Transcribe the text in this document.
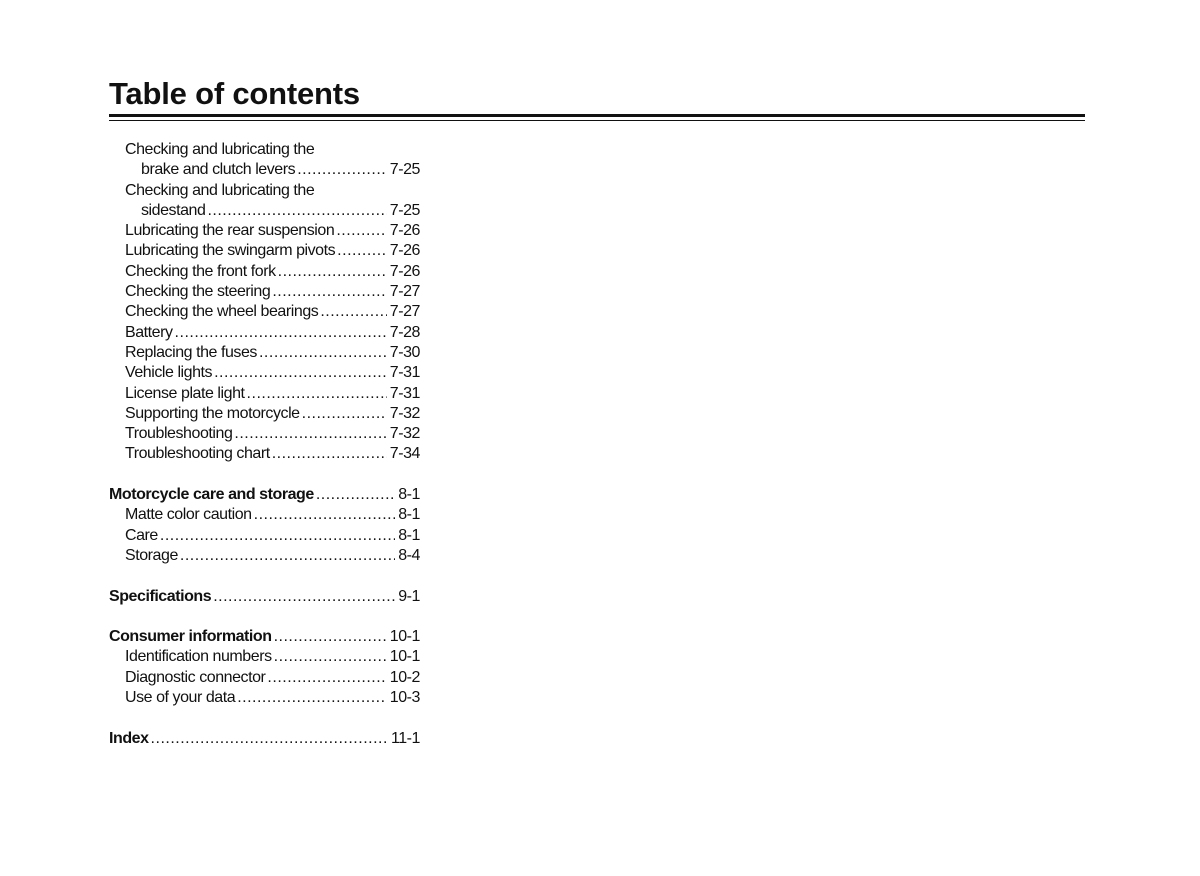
Table of contents
Checking and lubricating the
brake and clutch levers .....	7-25
Checking and lubricating the
sidestand .....	7-25
Lubricating the rear suspension .....	7-26
Lubricating the swingarm pivots .....	7-26
Checking the front fork .....	7-26
Checking the steering .....	7-27
Checking the wheel bearings .....	7-27
Battery .....	7-28
Replacing the fuses .....	7-30
Vehicle lights .....	7-31
License plate light .....	7-31
Supporting the motorcycle .....	7-32
Troubleshooting .....	7-32
Troubleshooting chart .....	7-34
Motorcycle care and storage .....	8-1
Matte color caution .....	8-1
Care .....	8-1
Storage .....	8-4
Specifications .....	9-1
Consumer information .....	10-1
Identification numbers .....	10-1
Diagnostic connector .....	10-2
Use of your data .....	10-3
Index .....	11-1
